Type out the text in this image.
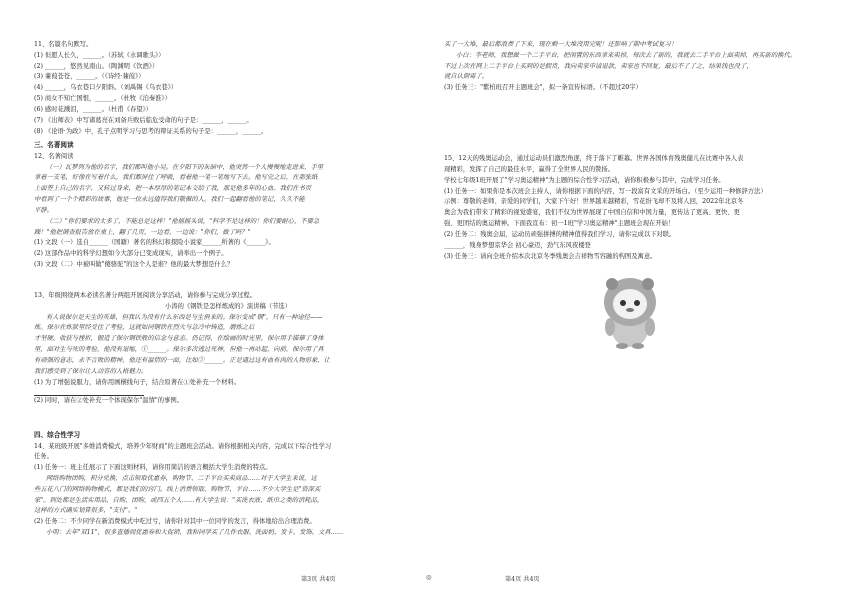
11、名篇名句默写。
(1) 但愿人长久，______。（苏轼《水调歌头》）
(2) ______，悠然见南山。（陶渊明《饮酒》）
(3) 蒹葭苍苍，______。（《诗经·蒹葭》）
(4) ______，乌衣巷口夕阳斜。（刘禹锡《乌衣巷》）
(5) 商女不知亡国恨，______。（杜牧《泊秦淮》）
(6) 感时花溅泪，______。（杜甫《春望》）
(7) 《出师表》中写诸葛亮在刘备兵败后临危受命的句子是：______，______。
(8) 《论语·为政》中，孔子点明学习与思考的辩证关系的句子是：______，______。
三、名著阅读
12、名著阅读
（一）瓦罗列为他的名字，我们都叫他小吴。在夕阳下的灰暗中，他突然一个人慢慢地走进来，手里
拿着一支笔，好像在写着什么，我们都屏住了呼吸，看着他一笔一笔地写下去。他写完之后，在那张纸
上面签上自己的名字，又转过身来，把一本厚厚的笔记本交给了我，那是他多年的心血。我们在书页
中看到了一个个精彩的故事，他是一位永远值得我们敬佩的人。我们一起翻看他的笔记，久久不能
平静。
（二）"你们要求的太多了，不能总是这样！"他摇摇头说，"科学不是这样的！你们要耐心，不要急
躁！"他把调查报告放在桌上，翻了几页，一边看，一边说："你们，做了吗？"
(1) 文段（一）选自______（国籍）著名的科幻和探险小说家______所著的《______》。
(2) 这部作品中的科学幻想如今大部分已变成现实，请举出一个例子。
(3) 文段（二）中被叫做"傻骆驼"的这个人是谁？他的最大梦想是什么？
13、年级围绕两本必读名著分两组开展阅读分享活动，请你参与完成分享过程。
小涛的《钢铁是怎样炼成的》演讲稿（节选）
有人说保尔是天生的英雄，但我认为没有什么东西是与生俱来的。保尔变成"钢"，只有一种途径——
炼。保尔在炼狱里经受住了考验，这就如同钢铁在烈火与急冷中铸造，磨炼之后
才坚硬。收获与挫折，锻造了保尔钢铁般的信念与意志。仍记得，在绘画的时光里，保尔用手描摹了身体
里，面对生与死的考验，他没有退缩，①______。保尔多次逃过死神，但他一再站起，向前，保尔用了具
有顽强的意志，永不言败的精神，他还有温情的一面，比如②______。正是通过这有血有肉的人物形象，让
我们感受到了保尔让人动容的人格魅力。
(1) 为了增强说服力，请你用画横线句子，结合原著在①处补充一个材料。
(2) 同时，请在②处补充一个体现保尔"温情"的事例。
四、综合性学习
14、某班级开展"多维消费模式，培养少年财商"的主题班会活动。请你根据相关内容，完成以下综合性学习
任务。
(1) 任务一：班主任展示了下面这则材料，请你用简洁的语言概括大学生消费的特点。
网络购物团购，积分兑换，点击领取优惠券，购物节、二手平台买卖商品……对于大学生来说，这
些五花八门的网络购物模式，都是我们的窍门。线上消费领取、购物节、平台……不少大学生是"资深买
家"。到处都是生活实用品，自购、团购，或四五个人……有大学生说："买洗衣液、纸巾之类的消耗品，
这样的方式确实划算很多，"支付"。"
(2) 任务二：不少同学在新消费模式中吃过亏，请你针对其中一位同学的发言，得体地给出合理消费。
小明：去年"双11"，很多直播间优惠券和大促销，我和同学买了几件衣服、洗面奶、发卡、发饰、文具……
买了一大堆，最后都浪费了下来，现在剩一大堆没用完呢！还影响了期中考试复习！
小白：李老师，我想做一个二手平台，把闲置的东西拿来卖掉，每次去了新的，我就去二手平台上面卖掉，再买新的换代。
不过上次在网上二手平台上买到的是假货，我向卖家申请退款，卖家也不回复，最后不了了之，结果钱也没了，
就自认倒霉了。
(3) 任务三："紫柏班召开主题班会"，拟一条宣传标语。（不超过20字）
15、12天的残奥运动会，通过运动员们激烈角逐，终于落下了帷幕。世界各国体育残奥健儿在比赛中各人表
现精彩，发挥了自己的最佳水平，赢得了全世界人民的赞扬。
学校七年级1班开展了"学习奥运精神"为主题的综合性学习活动，请你积极参与其中，完成学习任务。
(1) 任务一：如果你是本次班会主持人，请你根据下面的内容，写一段富有文采的开场白。（至少运用一种修辞方法）
示例：尊敬的老师、亲爱的同学们，大家下午好！世界越来越精彩，雪花纷飞却不及将人回，2022年北京冬
奥会为我们带来了精彩的视觉盛宴，我们不仅为世界展现了中国自信和中国力量，更传达了更高、更快、更
强、更团结的奥运精神。下面我宣布：初一1班"学习奥运精神"主题班会现在开始！
(2) 任务二：残奥会届，运动员顽强拼搏的精神值得我们学习，请你完成以下对联。
______，残身梦想京华会 初心豪迈，劲气东风夜楼登
(3) 任务三：请向全班介绍本次北京冬季残奥会吉祥物雪容融的构图及寓意。
第3页 共4页	◎	第4页 共4页
